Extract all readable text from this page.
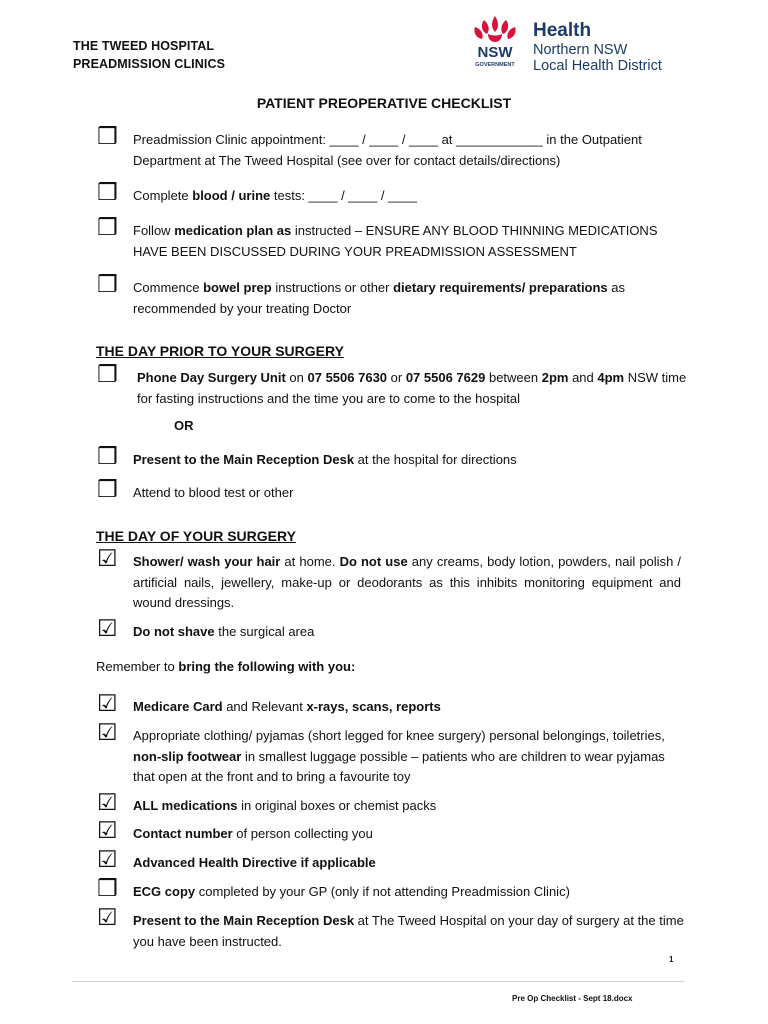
THE TWEED HOSPITAL
PREADMISSION CLINICS
NSW
GOVERNMENT
Health
Northern NSW
Local Health District
PATIENT PREOPERATIVE CHECKLIST
❒ Preadmission Clinic appointment: ____ / ____ / ____ at ____________ in the Outpatient Department at The Tweed Hospital (see over for contact details/directions)
❒ Complete blood / urine tests: ____ / ____ / ____
❒ Follow medication plan as instructed – ENSURE ANY BLOOD THINNING MEDICATIONS HAVE BEEN DISCUSSED DURING YOUR PREADMISSION ASSESSMENT
❒ Commence bowel prep instructions or other dietary requirements/ preparations as recommended by your treating Doctor
THE DAY PRIOR TO YOUR SURGERY
❒ Phone Day Surgery Unit on 07 5506 7630 or 07 5506 7629 between 2pm and 4pm NSW time for fasting instructions and the time you are to come to the hospital
OR
❒ Present to the Main Reception Desk at the hospital for directions
❒ Attend to blood test or other
THE DAY OF YOUR SURGERY
☑ Shower/ wash your hair at home. Do not use any creams, body lotion, powders, nail polish / artificial nails, jewellery, make-up or deodorants as this inhibits monitoring equipment and wound dressings.
☑ Do not shave the surgical area
Remember to bring the following with you:
☑ Medicare Card and Relevant x-rays, scans, reports
☑ Appropriate clothing/ pyjamas (short legged for knee surgery) personal belongings, toiletries, non-slip footwear in smallest luggage possible – patients who are children to wear pyjamas that open at the front and to bring a favourite toy
☑ ALL medications in original boxes or chemist packs
☑ Contact number of person collecting you
☑ Advanced Health Directive if applicable
❒ ECG copy completed by your GP (only if not attending Preadmission Clinic)
☑ Present to the Main Reception Desk at The Tweed Hospital on your day of surgery at the time you have been instructed.
1
Pre Op Checklist - Sept 18.docx
